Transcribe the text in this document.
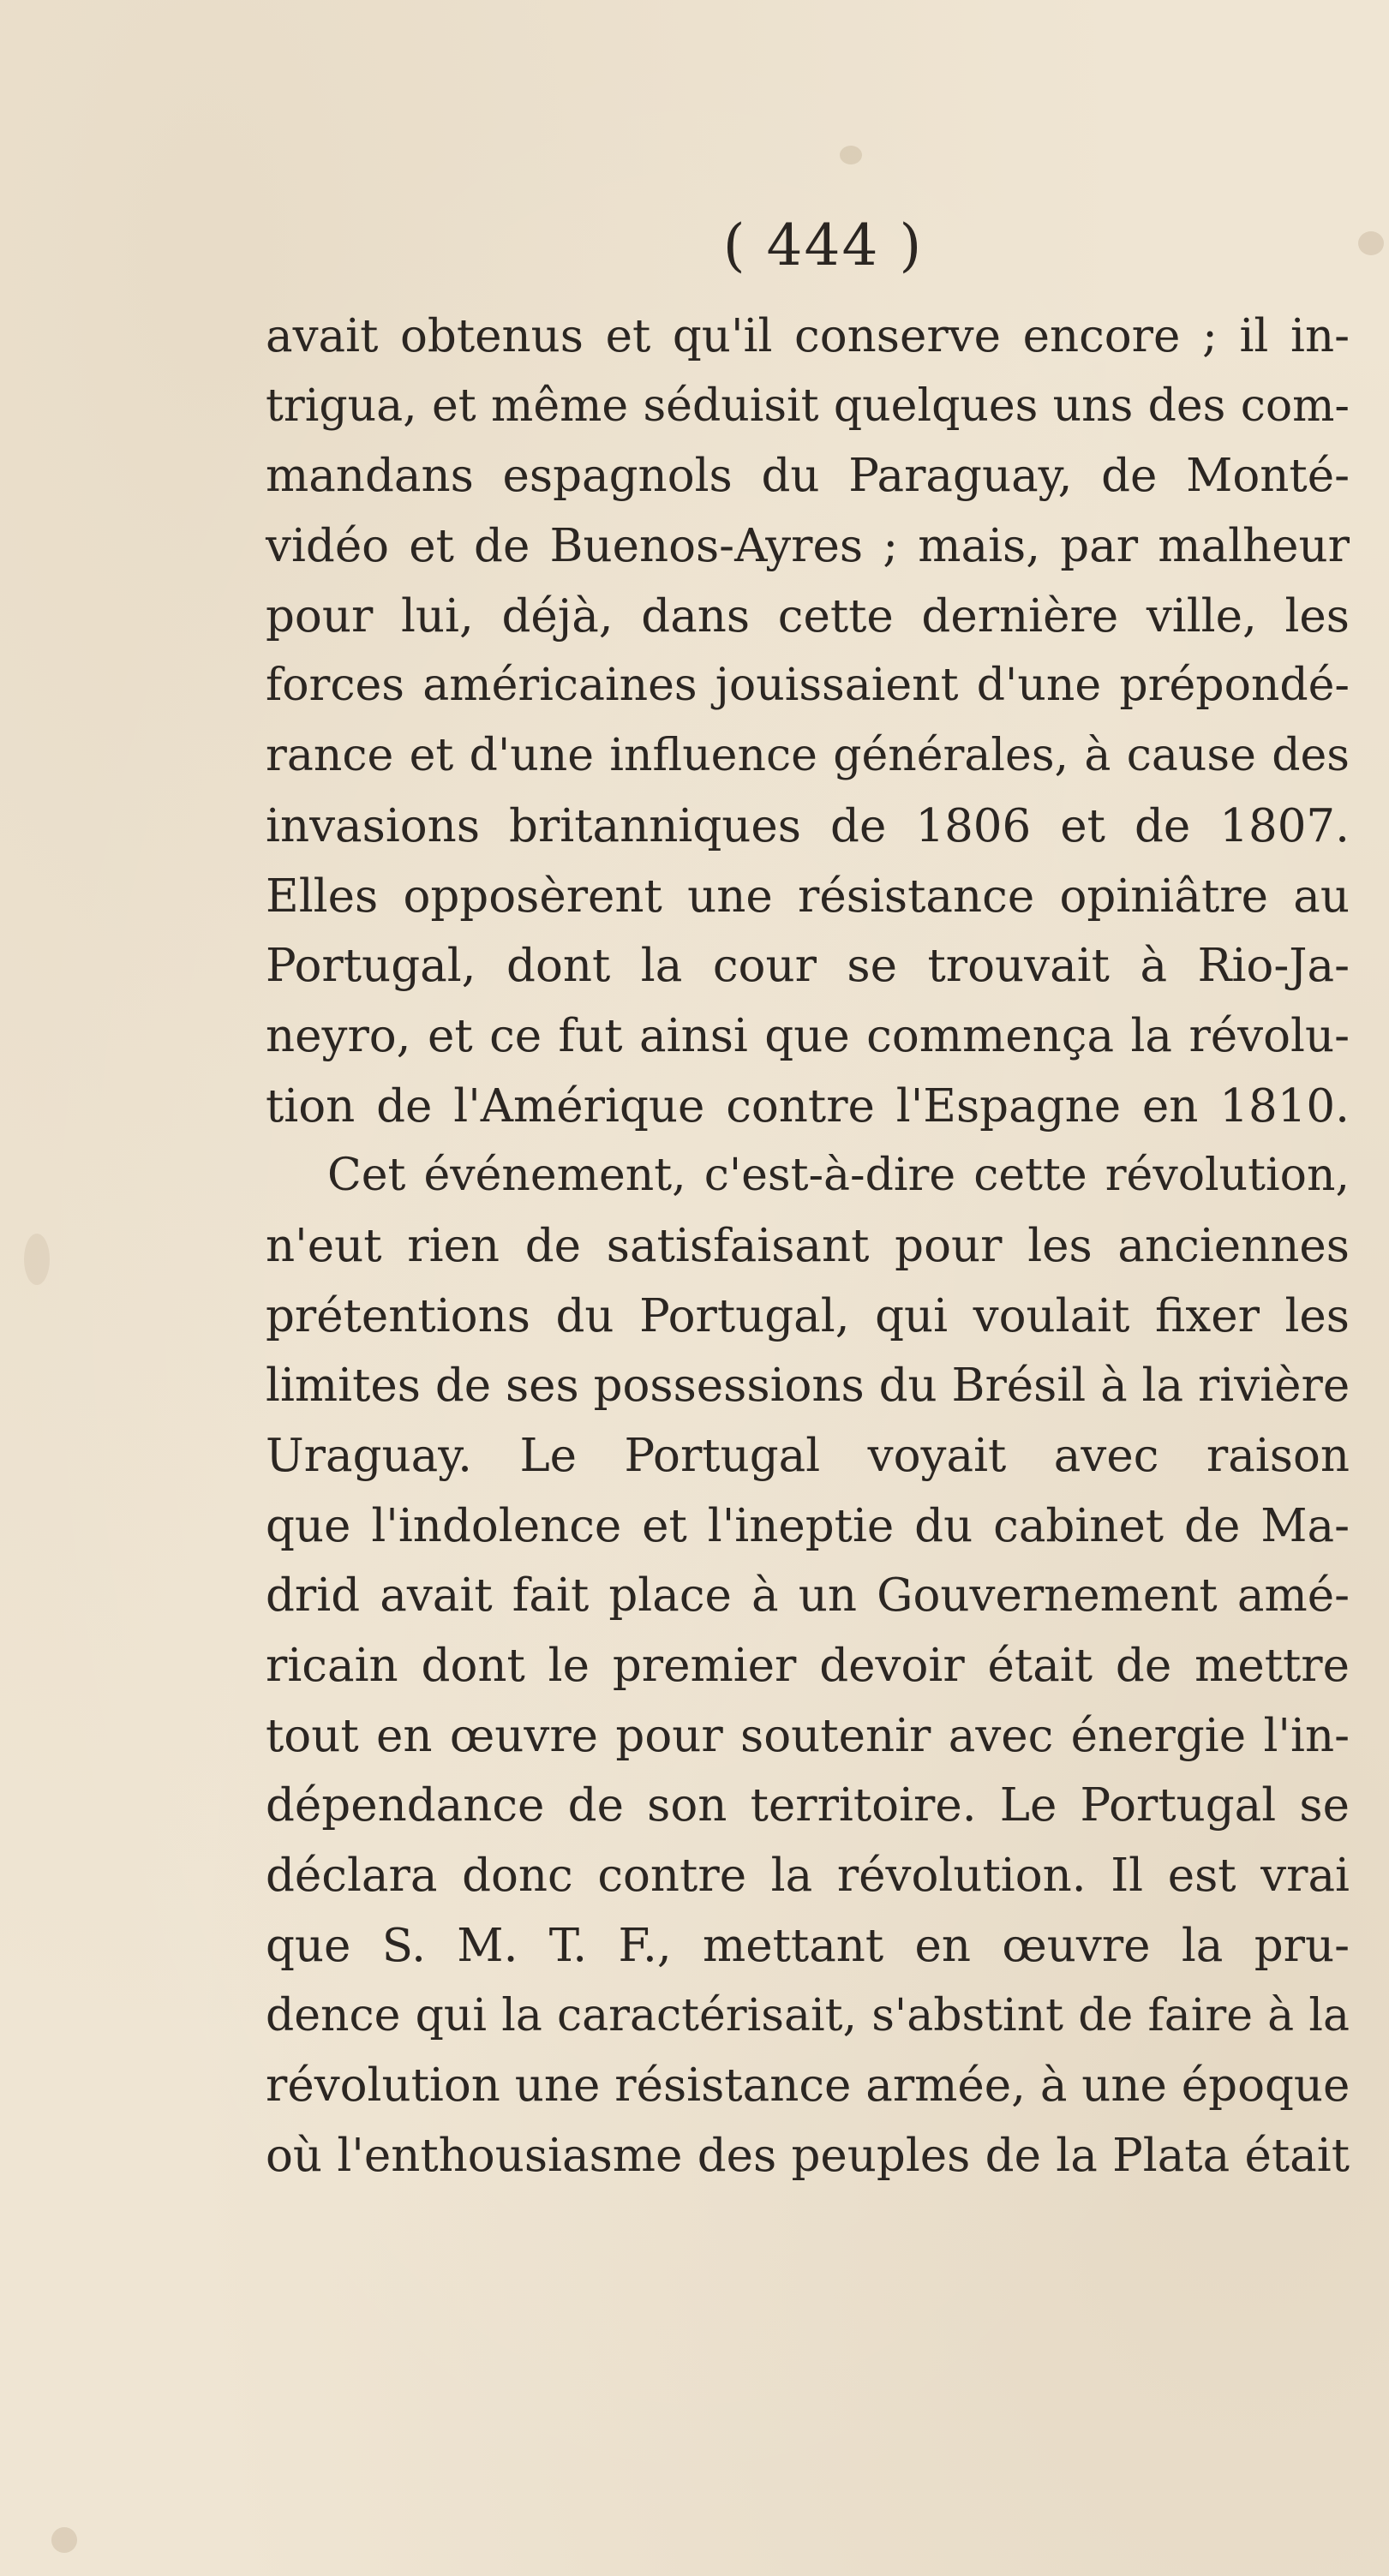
( 444 )
avait obtenus et qu'il conserve encore ; il in-
trigua, et même séduisit quelques uns des com-
mandans espagnols du Paraguay, de Monté-
vidéo et de Buenos-Ayres ; mais, par malheur
pour lui, déjà, dans cette dernière ville, les
forces américaines jouissaient d'une prépondé-
rance et d'une influence générales, à cause des
invasions britanniques de 1806 et de 1807.
Elles opposèrent une résistance opiniâtre au
Portugal, dont la cour se trouvait à Rio-Ja-
neyro, et ce fut ainsi que commença la révolu-
tion de l'Amérique contre l'Espagne en 1810.
Cet événement, c'est-à-dire cette révolution,
n'eut rien de satisfaisant pour les anciennes
prétentions du Portugal, qui voulait fixer les
limites de ses possessions du Brésil à la rivière
Uraguay. Le Portugal voyait avec raison
que l'indolence et l'ineptie du cabinet de Ma-
drid avait fait place à un Gouvernement amé-
ricain dont le premier devoir était de mettre
tout en œuvre pour soutenir avec énergie l'in-
dépendance de son territoire. Le Portugal se
déclara donc contre la révolution. Il est vrai
que S. M. T. F., mettant en œuvre la pru-
dence qui la caractérisait, s'abstint de faire à la
révolution une résistance armée, à une époque
où l'enthousiasme des peuples de la Plata était
